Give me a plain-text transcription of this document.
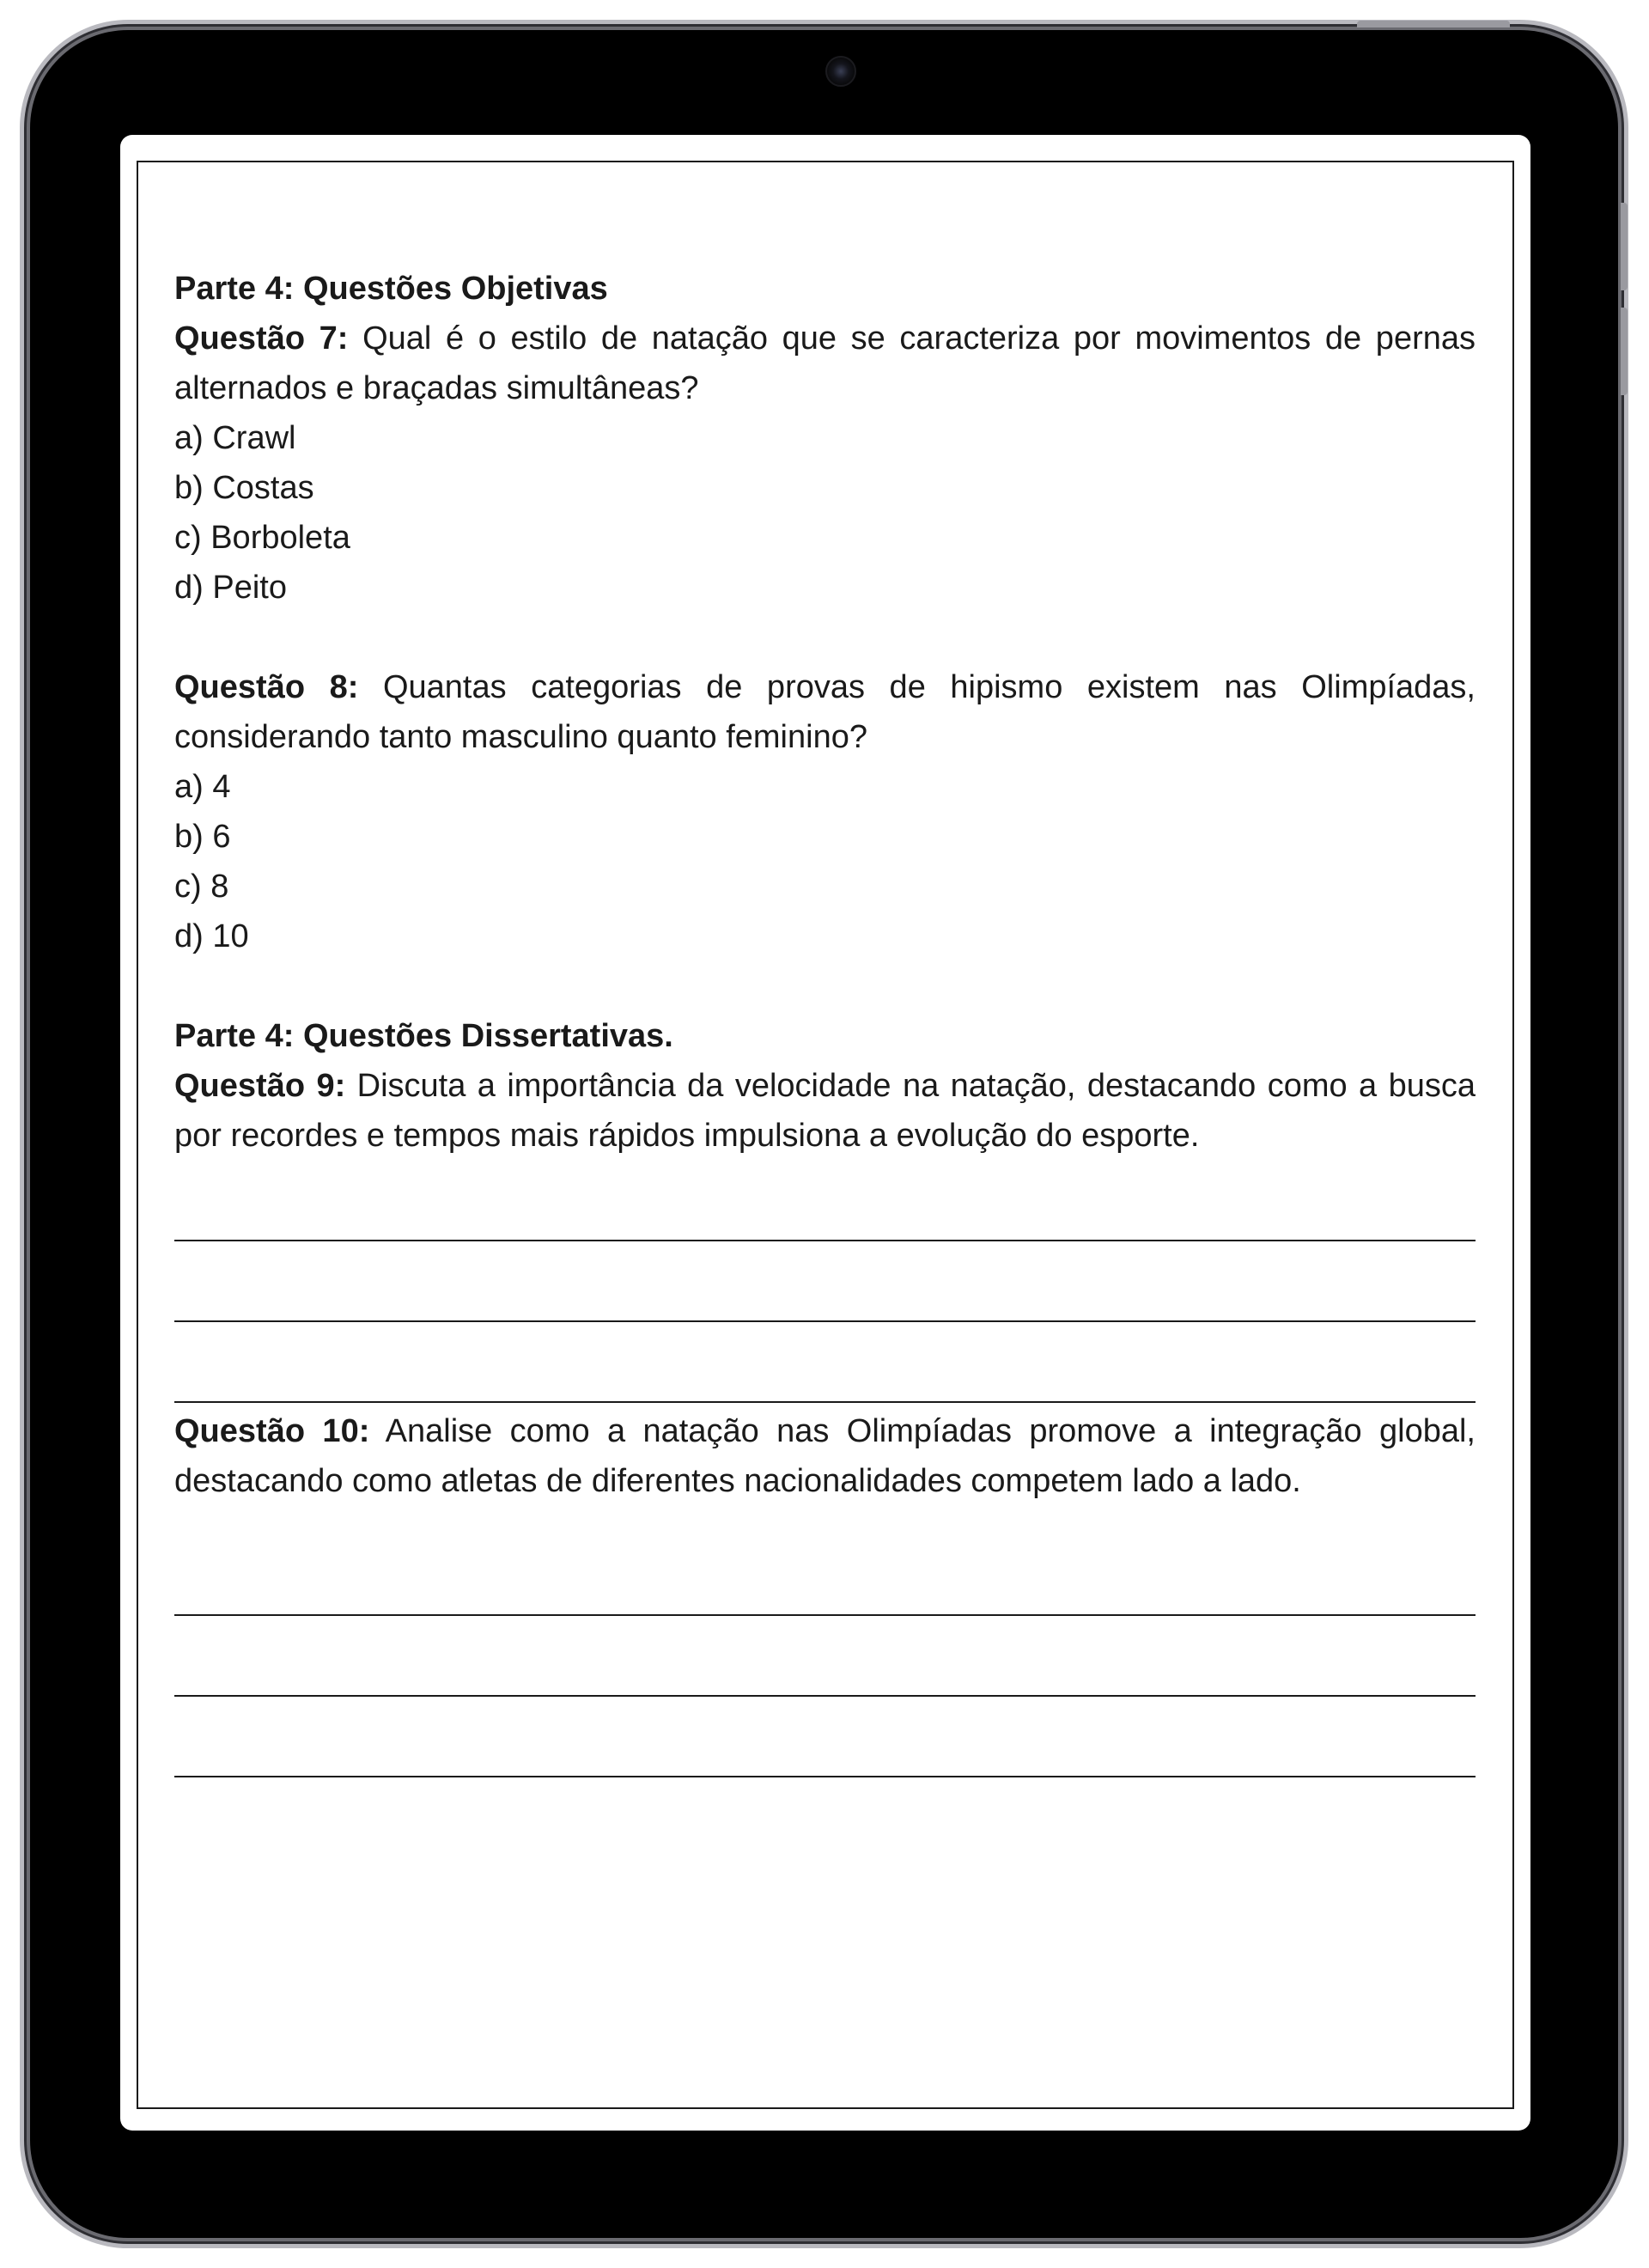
Parte 4: Questões Objetivas

Questão 7: Qual é o estilo de natação que se caracteriza por movimentos de pernas alternados e braçadas simultâneas?

a) Crawl

b) Costas

c) Borboleta

d) Peito

Questão 8: Quantas categorias de provas de hipismo existem nas Olimpíadas, considerando tanto masculino quanto feminino?

a) 4

b) 6

c) 8

d) 10

Parte 4: Questões Dissertativas.

Questão 9: Discuta a importância da velocidade na natação, destacando como a busca por recordes e tempos mais rápidos impulsiona a evolução do esporte.

Questão 10: Analise como a natação nas Olimpíadas promove a integração global, destacando como atletas de diferentes nacionalidades competem lado a lado.
